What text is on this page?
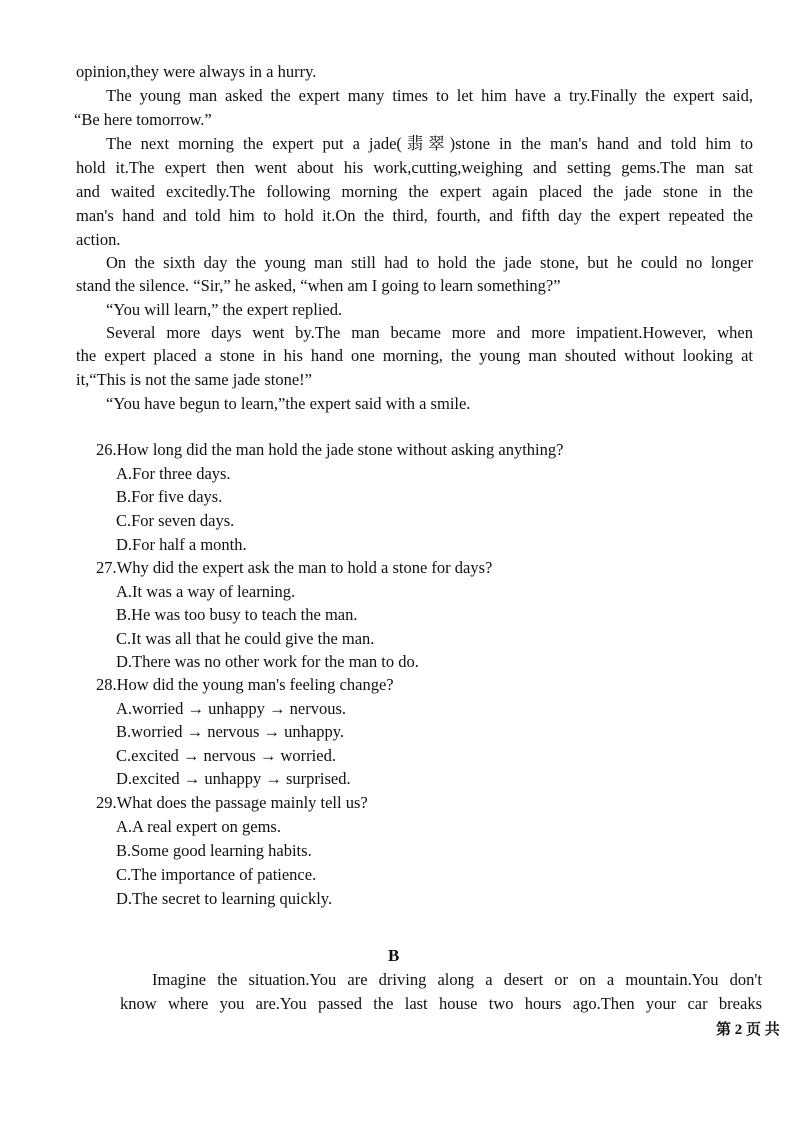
opinion,they were always in a hurry.

The young man asked the expert many times to let him have a try.Finally the expert said,

“Be here tomorrow.”

The next morning the expert put a jade(翡翠)stone in the man's hand and told him to

hold it.The expert then went about his work,cutting,weighing and setting gems.The man sat

and waited excitedly.The following morning the expert again placed the jade stone in the

man's hand and told him to hold it.On the third, fourth, and fifth day the expert repeated the

action.

On the sixth day the young man still had to hold the jade stone, but he could no longer

stand the silence. “Sir,” he asked, “when am I going to learn something?”

“You will learn,” the expert replied.

Several more days went by.The man became more and more impatient.However, when

the expert placed a stone in his hand one morning, the young man shouted without looking at

it,“This is not the same jade stone!”

“You have begun to learn,”the expert said with a smile.

26.How long did the man hold the jade stone without asking anything?

A.For three days.

B.For five days.

C.For seven days.

D.For half a month.

27.Why did the expert ask the man to hold a stone for days?

A.It was a way of learning.

B.He was too busy to teach the man.

C.It was all that he could give the man.

D.There was no other work for the man to do.

28.How did the young man's feeling change?

A.worried → unhappy → nervous.

B.worried → nervous → unhappy.

C.excited → nervous → worried.

D.excited → unhappy → surprised.

29.What does the passage mainly tell us?

A.A real expert on gems.

B.Some good learning habits.

C.The importance of patience.

D.The secret to learning quickly.

B

Imagine the situation.You are driving along a desert or on a mountain.You don't

know where you are.You passed the last house two hours ago.Then your car breaks

第 2 页 共
